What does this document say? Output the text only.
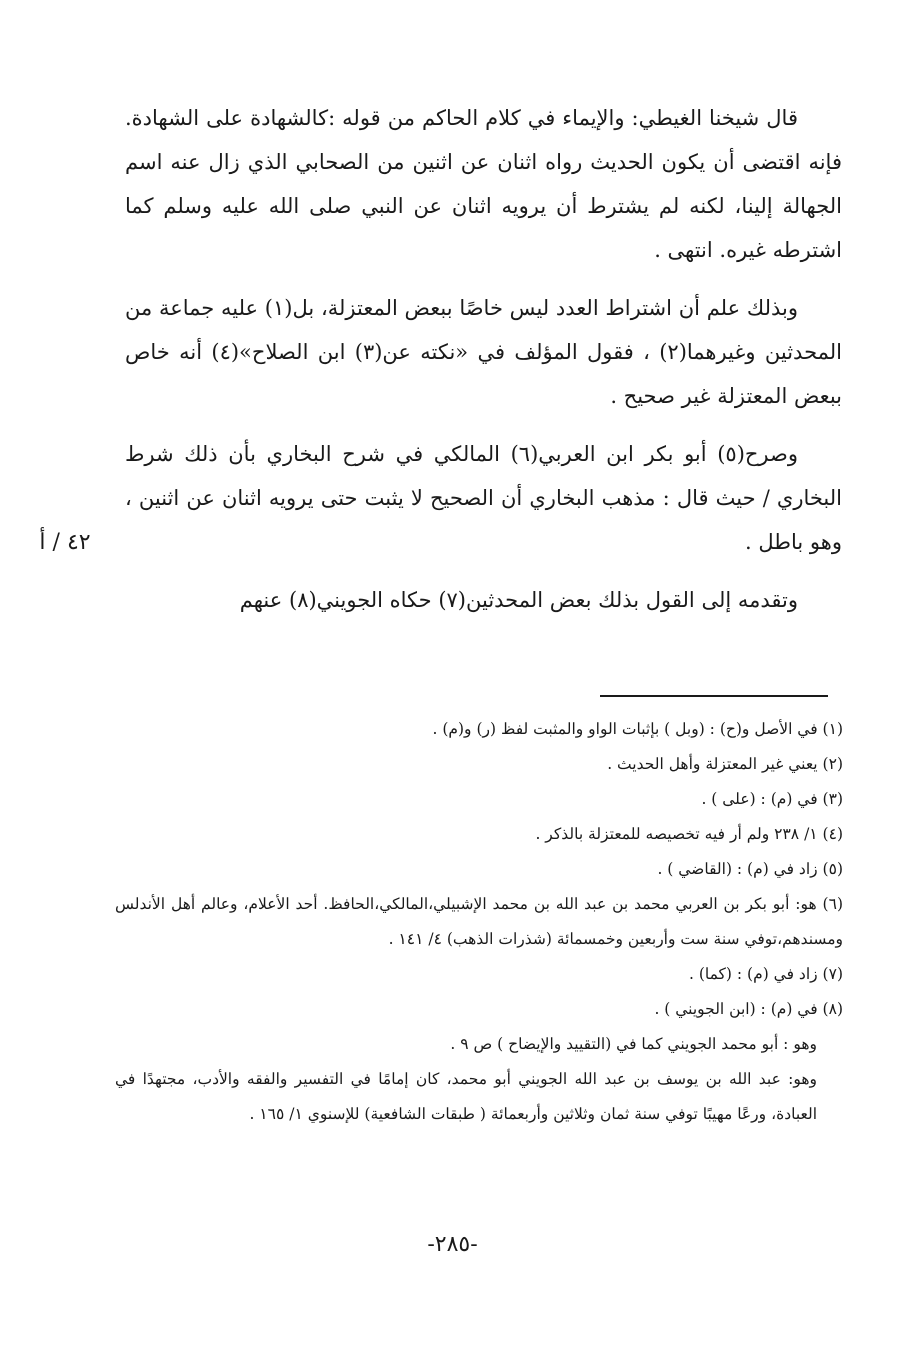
قال شيخنا الغيطي: والإيماء في كلام الحاكم من قوله :كالشهادة على الشهادة. فإنه اقتضى أن يكون الحديث رواه اثنان عن اثنين من الصحابي الذي زال عنه اسم الجهالة إلينا، لكنه لم يشترط أن يرويه اثنان عن النبي صلى الله عليه وسلم كما اشترطه غيره. انتهى .

وبذلك علم أن اشتراط العدد ليس خاصًا ببعض المعتزلة، بل(١) عليه جماعة من المحدثين وغيرهما(٢) ، فقول المؤلف في «نكته عن(٣) ابن الصلاح»(٤) أنه خاص ببعض المعتزلة غير صحيح .

وصرح(٥) أبو بكر ابن العربي(٦) المالكي في شرح البخاري بأن ذلك شرط البخاري / حيث قال : مذهب البخاري أن الصحيح لا يثبت حتى يرويه اثنان عن اثنين ، وهو باطل .

وتقدمه إلى القول بذلك بعض المحدثين(٧) حكاه الجويني(٨) عنهم

٤٢ / أ

(١) في الأصل و(ح) : (وبل ) بإثبات الواو والمثبت لفظ (ر) و(م) .

(٢) يعني غير المعتزلة وأهل الحديث .

(٣) في (م) : (على ) .

(٤) ١/ ٢٣٨ ولم أر فيه تخصيصه للمعتزلة بالذكر .

(٥) زاد في (م) : (القاضي ) .

(٦) هو: أبو بكر بن العربي محمد بن عبد الله بن محمد الإشبيلي،المالكي،الحافظ. أحد الأعلام، وعالم أهل الأندلس ومسندهم،توفي سنة ست وأربعين وخمسمائة (شذرات الذهب) ٤/ ١٤١ .

(٧) زاد في (م) : (كما) .

(٨) في (م) : (ابن الجويني ) .

وهو : أبو محمد الجويني كما في (التقييد والإيضاح ) ص ٩ .

وهو: عبد الله بن يوسف بن عبد الله الجويني أبو محمد، كان إمامًا في التفسير والفقه والأدب، مجتهدًا في العبادة، ورعًا مهيبًا توفي سنة ثمان وثلاثين وأربعمائة ( طبقات الشافعية) للإسنوي ١/ ١٦٥ .

-٢٨٥-
